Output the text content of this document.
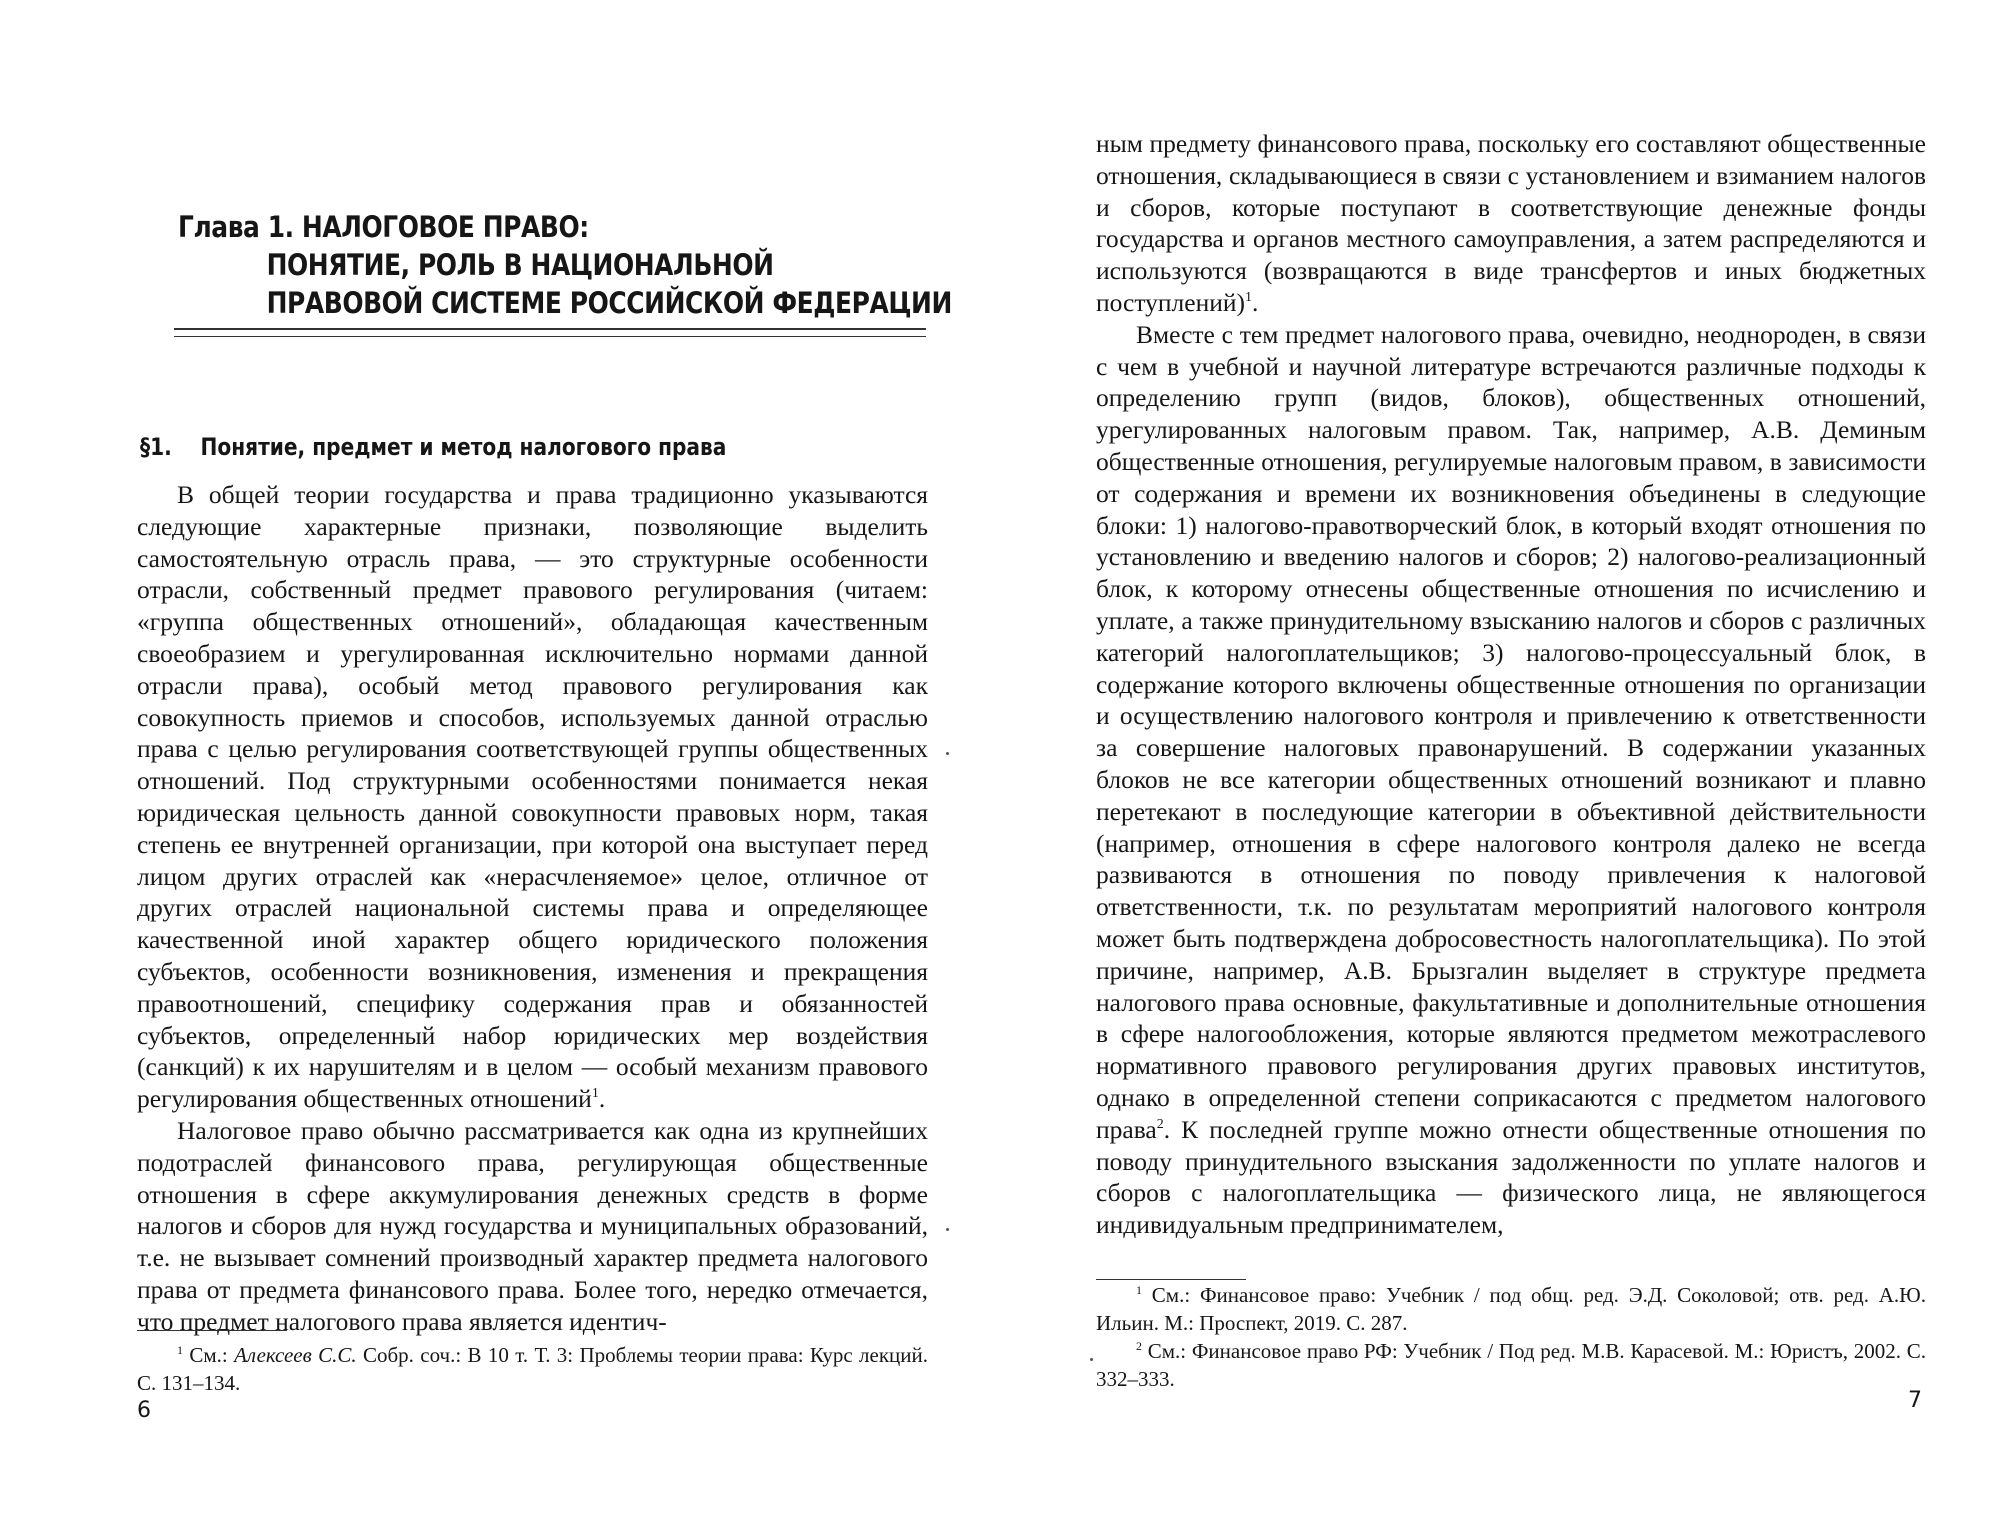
Глава 1. НАЛОГОВОЕ ПРАВО:
ПОНЯТИЕ, РОЛЬ В НАЦИОНАЛЬНОЙ
ПРАВОВОЙ СИСТЕМЕ РОССИЙСКОЙ ФЕДЕРАЦИИ
§1. Понятие, предмет и метод налогового права

В общей теории государства и права традиционно указываются следующие характерные признаки, позволяющие выделить самостоятельную отрасль права, — это структурные особенности отрасли, собственный предмет правового регулирования (читаем: «группа общественных отношений», обладающая качественным своеобразием и урегулированная исключительно нормами данной отрасли права), особый метод правового регулирования как совокупность приемов и способов, используемых данной отраслью права с целью регулирования соответствующей группы общественных отношений. Под структурными особенностями понимается некая юридическая цельность данной совокупности правовых норм, такая степень ее внутренней организации, при которой она выступает перед лицом других отраслей как «нерасчленяемое» целое, отличное от других отраслей национальной системы права и определяющее качественной иной характер общего юридического положения субъектов, особенности возникновения, изменения и прекращения правоотношений, специфику содержания прав и обязанностей субъектов, определенный набор юридических мер воздействия (санкций) к их нарушителям и в целом — особый механизм правового регулирования общественных отношений$^1$.

Налоговое право обычно рассматривается как одна из крупнейших подотраслей финансового права, регулирующая общественные отношения в сфере аккумулирования денежных средств в форме налогов и сборов для нужд государства и муниципальных образований, т.е. не вызывает сомнений производный характер предмета налогового права от предмета финансового права. Более того, нередко отмечается, что предмет налогового права является идентич-

$^1$ См.: Алексеев С.С. Собр. соч.: В 10 т. Т. 3: Проблемы теории права: Курс лекций. С. 131–134.

6

ным предмету финансового права, поскольку его составляют общественные отношения, складывающиеся в связи с установлением и взиманием налогов и сборов, которые поступают в соответствующие денежные фонды государства и органов местного самоуправления, а затем распределяются и используются (возвращаются в виде трансфертов и иных бюджетных поступлений)$^1$.

Вместе с тем предмет налогового права, очевидно, неоднороден, в связи с чем в учебной и научной литературе встречаются различные подходы к определению групп (видов, блоков), общественных отношений, урегулированных налоговым правом. Так, например, А.В. Деминым общественные отношения, регулируемые налоговым правом, в зависимости от содержания и времени их возникновения объединены в следующие блоки: 1) налогово-правотворческий блок, в который входят отношения по установлению и введению налогов и сборов; 2) налогово-реализационный блок, к которому отнесены общественные отношения по исчислению и уплате, а также принудительному взысканию налогов и сборов с различных категорий налогоплательщиков; 3) налогово-процессуальный блок, в содержание которого включены общественные отношения по организации и осуществлению налогового контроля и привлечению к ответственности за совершение налоговых правонарушений. В содержании указанных блоков не все категории общественных отношений возникают и плавно перетекают в последующие категории в объективной действительности (например, отношения в сфере налогового контроля далеко не всегда развиваются в отношения по поводу привлечения к налоговой ответственности, т.к. по результатам мероприятий налогового контроля может быть подтверждена добросовестность налогоплательщика). По этой причине, например, А.В. Брызгалин выделяет в структуре предмета налогового права основные, факультативные и дополнительные отношения в сфере налогообложения, которые являются предметом межотраслевого нормативного правового регулирования других правовых институтов, однако в определенной степени соприкасаются с предметом налогового права$^2$. К последней группе можно отнести общественные отношения по поводу принудительного взыскания задолженности по уплате налогов и сборов с налогоплательщика — физического лица, не являющегося индивидуальным предпринимателем,

$^1$ См.: Финансовое право: Учебник / под общ. ред. Э.Д. Соколовой; отв. ред. А.Ю. Ильин. М.: Проспект, 2019. С. 287.

$^2$ См.: Финансовое право РФ: Учебник / Под ред. М.В. Карасевой. М.: Юристъ, 2002. С. 332–333.

7
